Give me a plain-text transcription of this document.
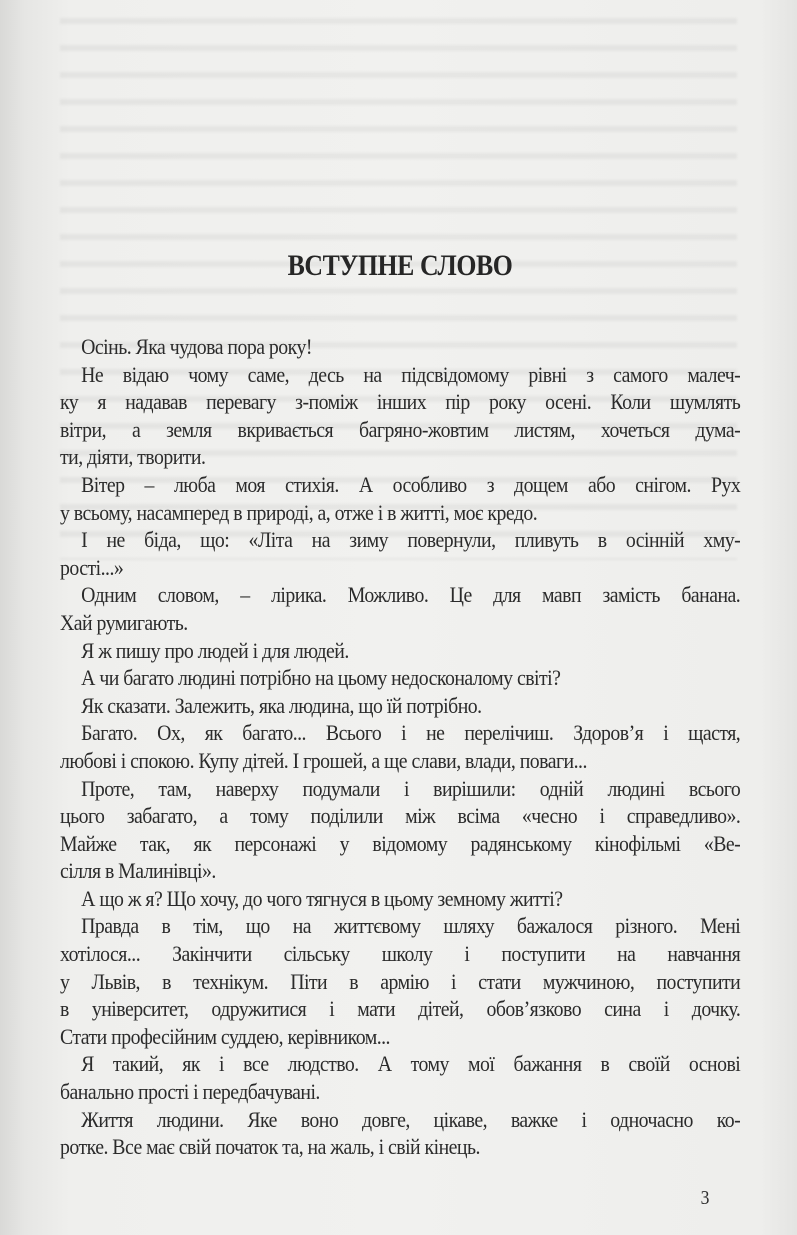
ВСТУПНЕ СЛОВО
Осінь. Яка чудова пора року!
Не відаю чому саме, десь на підсвідомому рівні з самого малеч-
ку я надавав перевагу з-поміж інших пір року осені. Коли шумлять
вітри, а земля вкривається багряно-жовтим листям, хочеться дума-
ти, діяти, творити.
Вітер – люба моя стихія. А особливо з дощем або снігом. Рух
у всьому, насамперед в природі, а, отже і в житті, моє кредо.
І не біда, що: «Літа на зиму повернули, пливуть в осінній хму-
рості...»
Одним словом, – лірика. Можливо. Це для мавп замість банана.
Хай румигають.
Я ж пишу про людей і для людей.
А чи багато людині потрібно на цьому недосконалому світі?
Як сказати. Залежить, яка людина, що їй потрібно.
Багато. Ох, як багато... Всього і не перелічиш. Здоров’я і щастя,
любові і спокою. Купу дітей. І грошей, а ще слави, влади, поваги...
Проте, там, наверху подумали і вирішили: одній людині всього
цього забагато, а тому поділили між всіма «чесно і справедливо».
Майже так, як персонажі у відомому радянському кінофільмі «Ве-
сілля в Малинівці».
А що ж я? Що хочу, до чого тягнуся в цьому земному житті?
Правда в тім, що на життєвому шляху бажалося різного. Мені
хотілося... Закінчити сільську школу і поступити на навчання
у Львів, в технікум. Піти в армію і стати мужчиною, поступити
в університет, одружитися і мати дітей, обов’язково сина і дочку.
Стати професійним суддею, керівником...
Я такий, як і все людство. А тому мої бажання в своїй основі
банально прості і передбачувані.
Життя людини. Яке воно довге, цікаве, важке і одночасно ко-
ротке. Все має свій початок та, на жаль, і свій кінець.
3
